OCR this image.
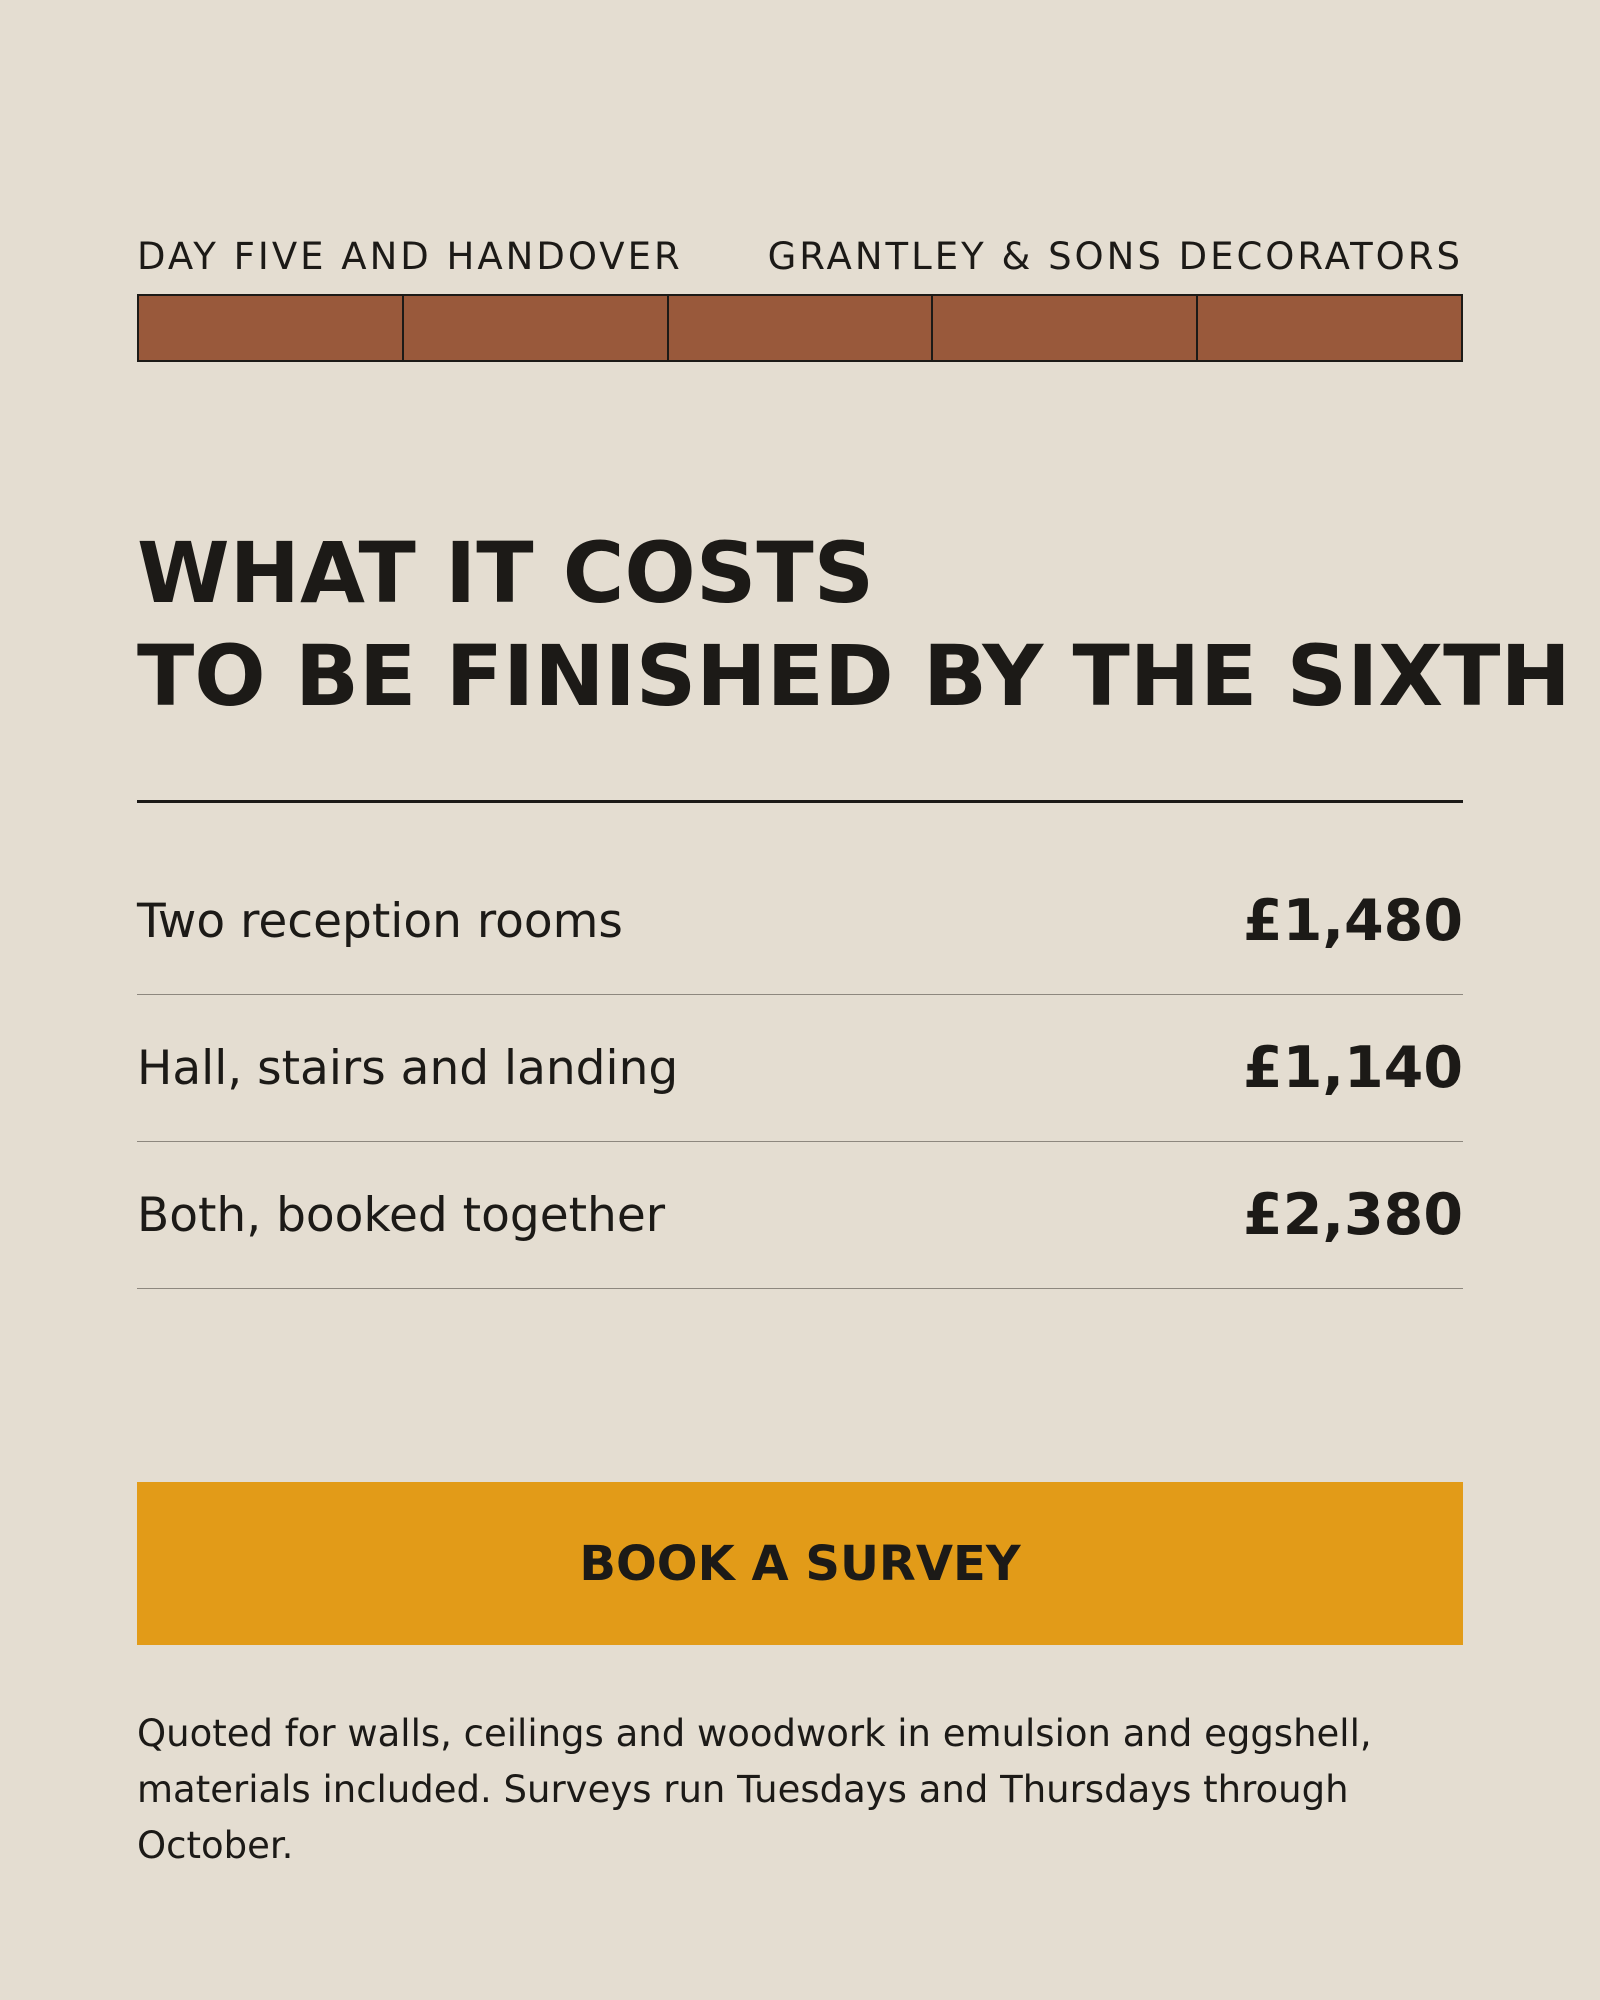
DAY FIVE AND HANDOVER GRANTLEY & SONS DECORATORS
WHAT IT COSTS
TO BE FINISHED BY THE SIXTH
Two reception rooms	£1,480
Hall, stairs and landing	£1,140
Both, booked together	£2,380
BOOK A SURVEY

Quoted for walls, ceilings and woodwork in emulsion and eggshell, materials included. Surveys run Tuesdays and Thursdays through October.
